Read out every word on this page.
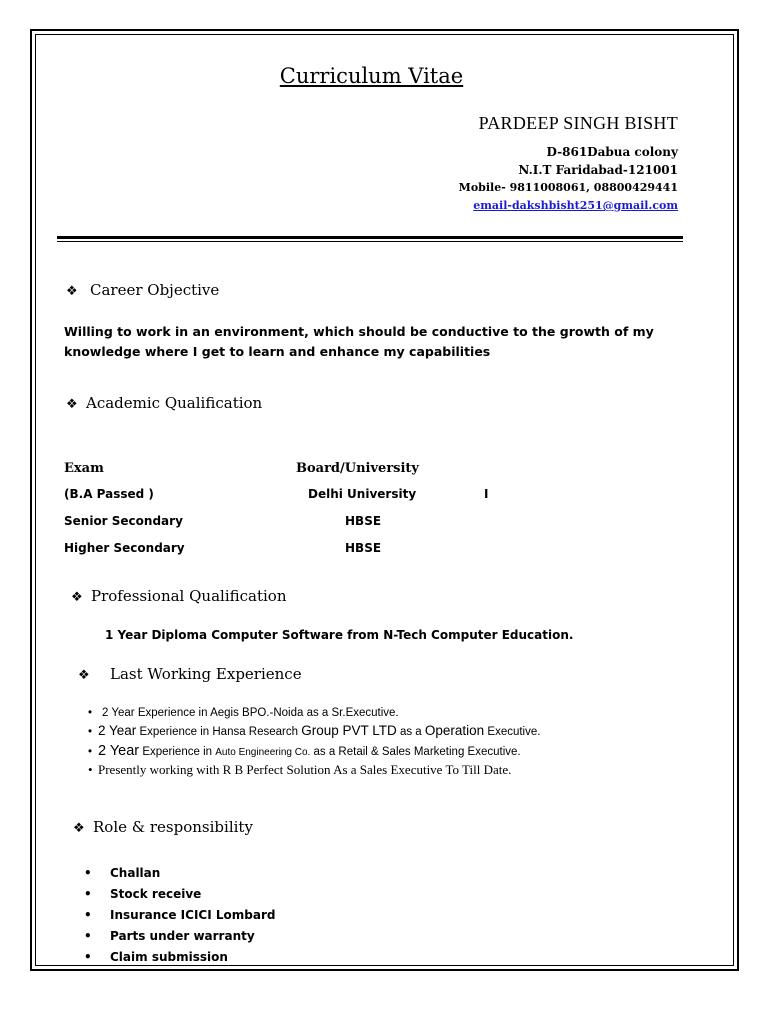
Curriculum Vitae
PARDEEP SINGH BISHT
D-861Dabua colony
N.I.T Faridabad-121001
Mobile- 9811008061, 08800429441
email-dakshbisht251@gmail.com
❖ Career Objective
Willing to work in an environment, which should be conductive to the growth of my
knowledge where I get to learn and enhance my capabilities
❖ Academic Qualification
Exam	Board/University
(B.A Passed )	Delhi University	I
Senior Secondary	HBSE
Higher Secondary	HBSE
❖ Professional Qualification
1 Year Diploma Computer Software from N-Tech Computer Education.
❖ Last Working Experience
• 2 Year Experience in Aegis BPO.-Noida as a Sr.Executive.
• 2 Year Experience in Hansa Research Group PVT LTD as a Operation Executive.
• 2 Year Experience in Auto Engineering Co. as a Retail & Sales Marketing Executive.
• Presently working with R B Perfect Solution As a Sales Executive To Till Date.
❖ Role & responsibility
• Challan
• Stock receive
• Insurance ICICI Lombard
• Parts under warranty
• Claim submission
